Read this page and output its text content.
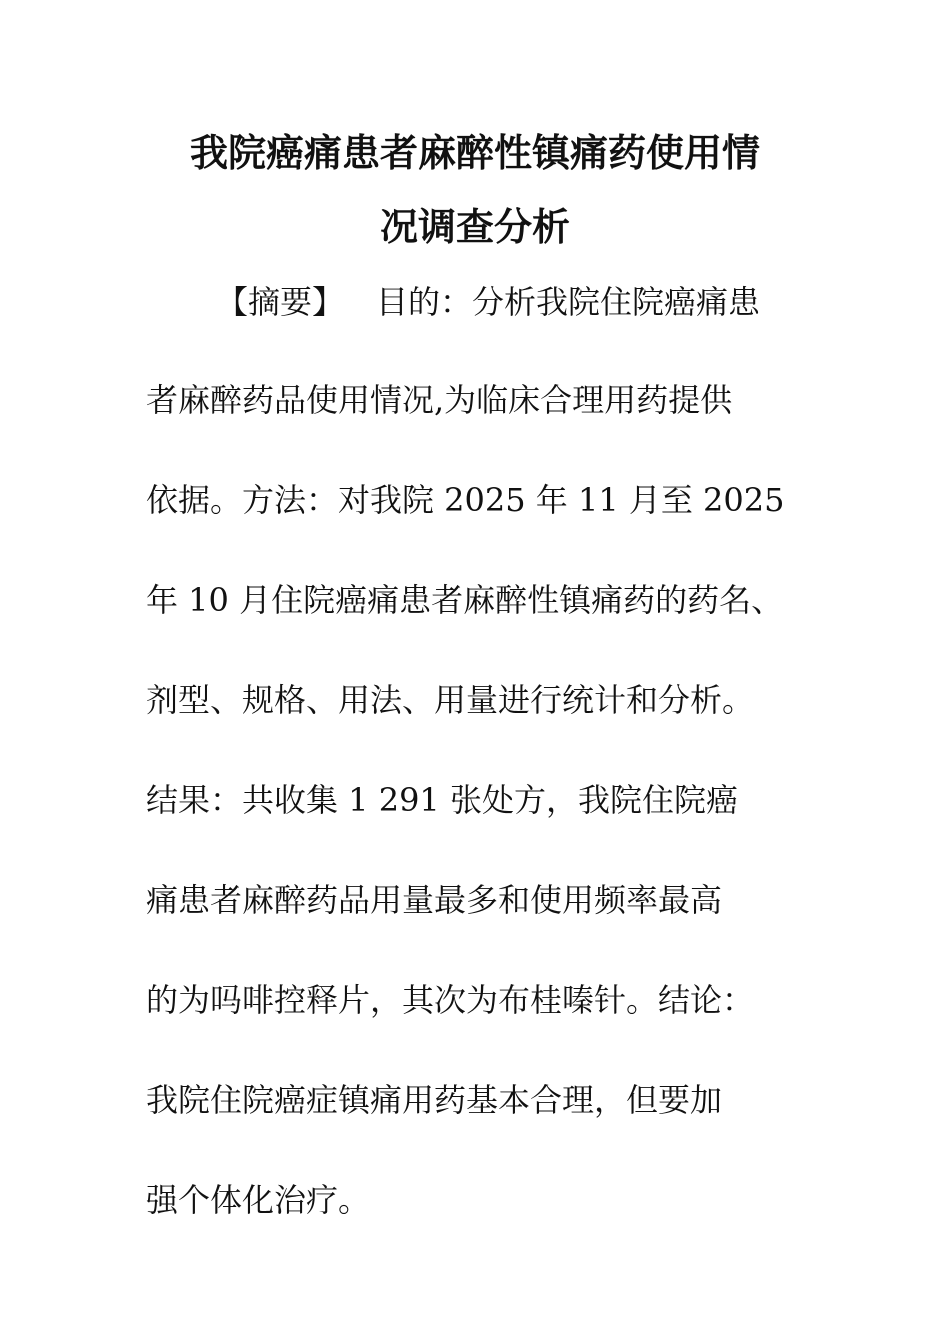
我院癌痛患者麻醉性镇痛药使用情
况调查分析
【摘要】 目的：分析我院住院癌痛患
者麻醉药品使用情况,为临床合理用药提供
依据。方法：对我院 2025 年 11 月至 2025
年 10 月住院癌痛患者麻醉性镇痛药的药名、
剂型、规格、用法、用量进行统计和分析。
结果：共收集 1 291 张处方，我院住院癌
痛患者麻醉药品用量最多和使用频率最高
的为吗啡控释片，其次为布桂嗪针。结论：
我院住院癌症镇痛用药基本合理，但要加
强个体化治疗。
